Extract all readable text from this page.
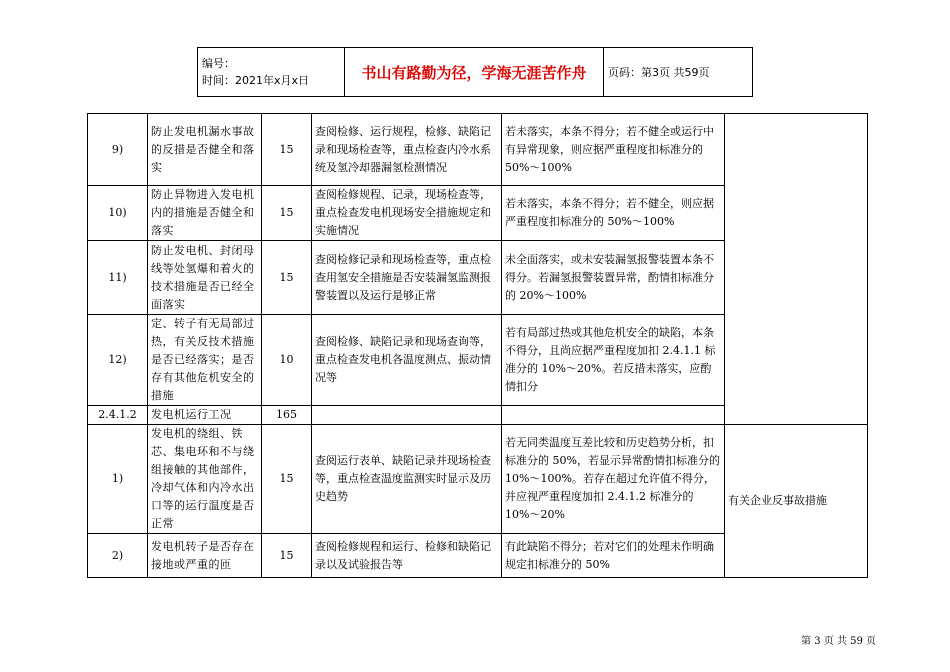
编号：
时间：2021年x月x日	书山有路勤为径，学海无涯苦作舟	页码：第3页 共59页
9)	防止发电机漏水事故的反措是否健全和落实	15	查阅检修、运行规程，检修、缺陷记录和现场检查等，重点检查内冷水系统及氢冷却器漏氢检测情况	若未落实，本条不得分；若不健全或运行中有异常现象，则应据严重程度扣标准分的 50%～100%	
10)	防止异物进入发电机内的措施是否健全和落实	15	查阅检修规程、记录，现场检查等，重点检查发电机现场安全措施规定和实施情况	若未落实，本条不得分；若不健全，则应据严重程度扣标准分的 50%～100%	
11)	防止发电机、封闭母线等处氢爆和着火的技术措施是否已经全面落实	15	查阅检修记录和现场检查等，重点检查用氢安全措施是否安装漏氢监测报警装置以及运行是够正常	未全面落实，或未安装漏氢报警装置本条不得分。若漏氢报警装置异常，酌情扣标准分的 20%～100%	
12)	定、转子有无局部过热，有关反技术措施是否已经落实；是否存有其他危机安全的措施	10	查阅检修、缺陷记录和现场查询等，重点检查发电机各温度测点、振动情况等	若有局部过热或其他危机安全的缺陷，本条不得分，且尚应据严重程度加扣 2.4.1.1 标准分的 10%～20%。若反措未落实，应酌情扣分	
2.4.1.2	发电机运行工况	165			
1)	发电机的绕组、铁芯、集电环和不与绕组接触的其他部件，冷却气体和内冷水出口等的运行温度是否正常	15	查阅运行表单、缺陷记录并现场检查等，重点检查温度监测实时显示及历史趋势	若无同类温度互差比较和历史趋势分析，扣标准分的 50%，若显示异常酌情扣标准分的 10%～100%。若存在超过允许值不得分，并应视严重程度加扣 2.4.1.2 标准分的 10%～20%	有关企业反事故措施
2)	发电机转子是否存在接地或严重的匝	15	查阅检修规程和运行、检修和缺陷记录以及试验报告等	有此缺陷不得分；若对它们的处理未作明确规定扣标准分的 50%	
第 3 页 共 59 页
